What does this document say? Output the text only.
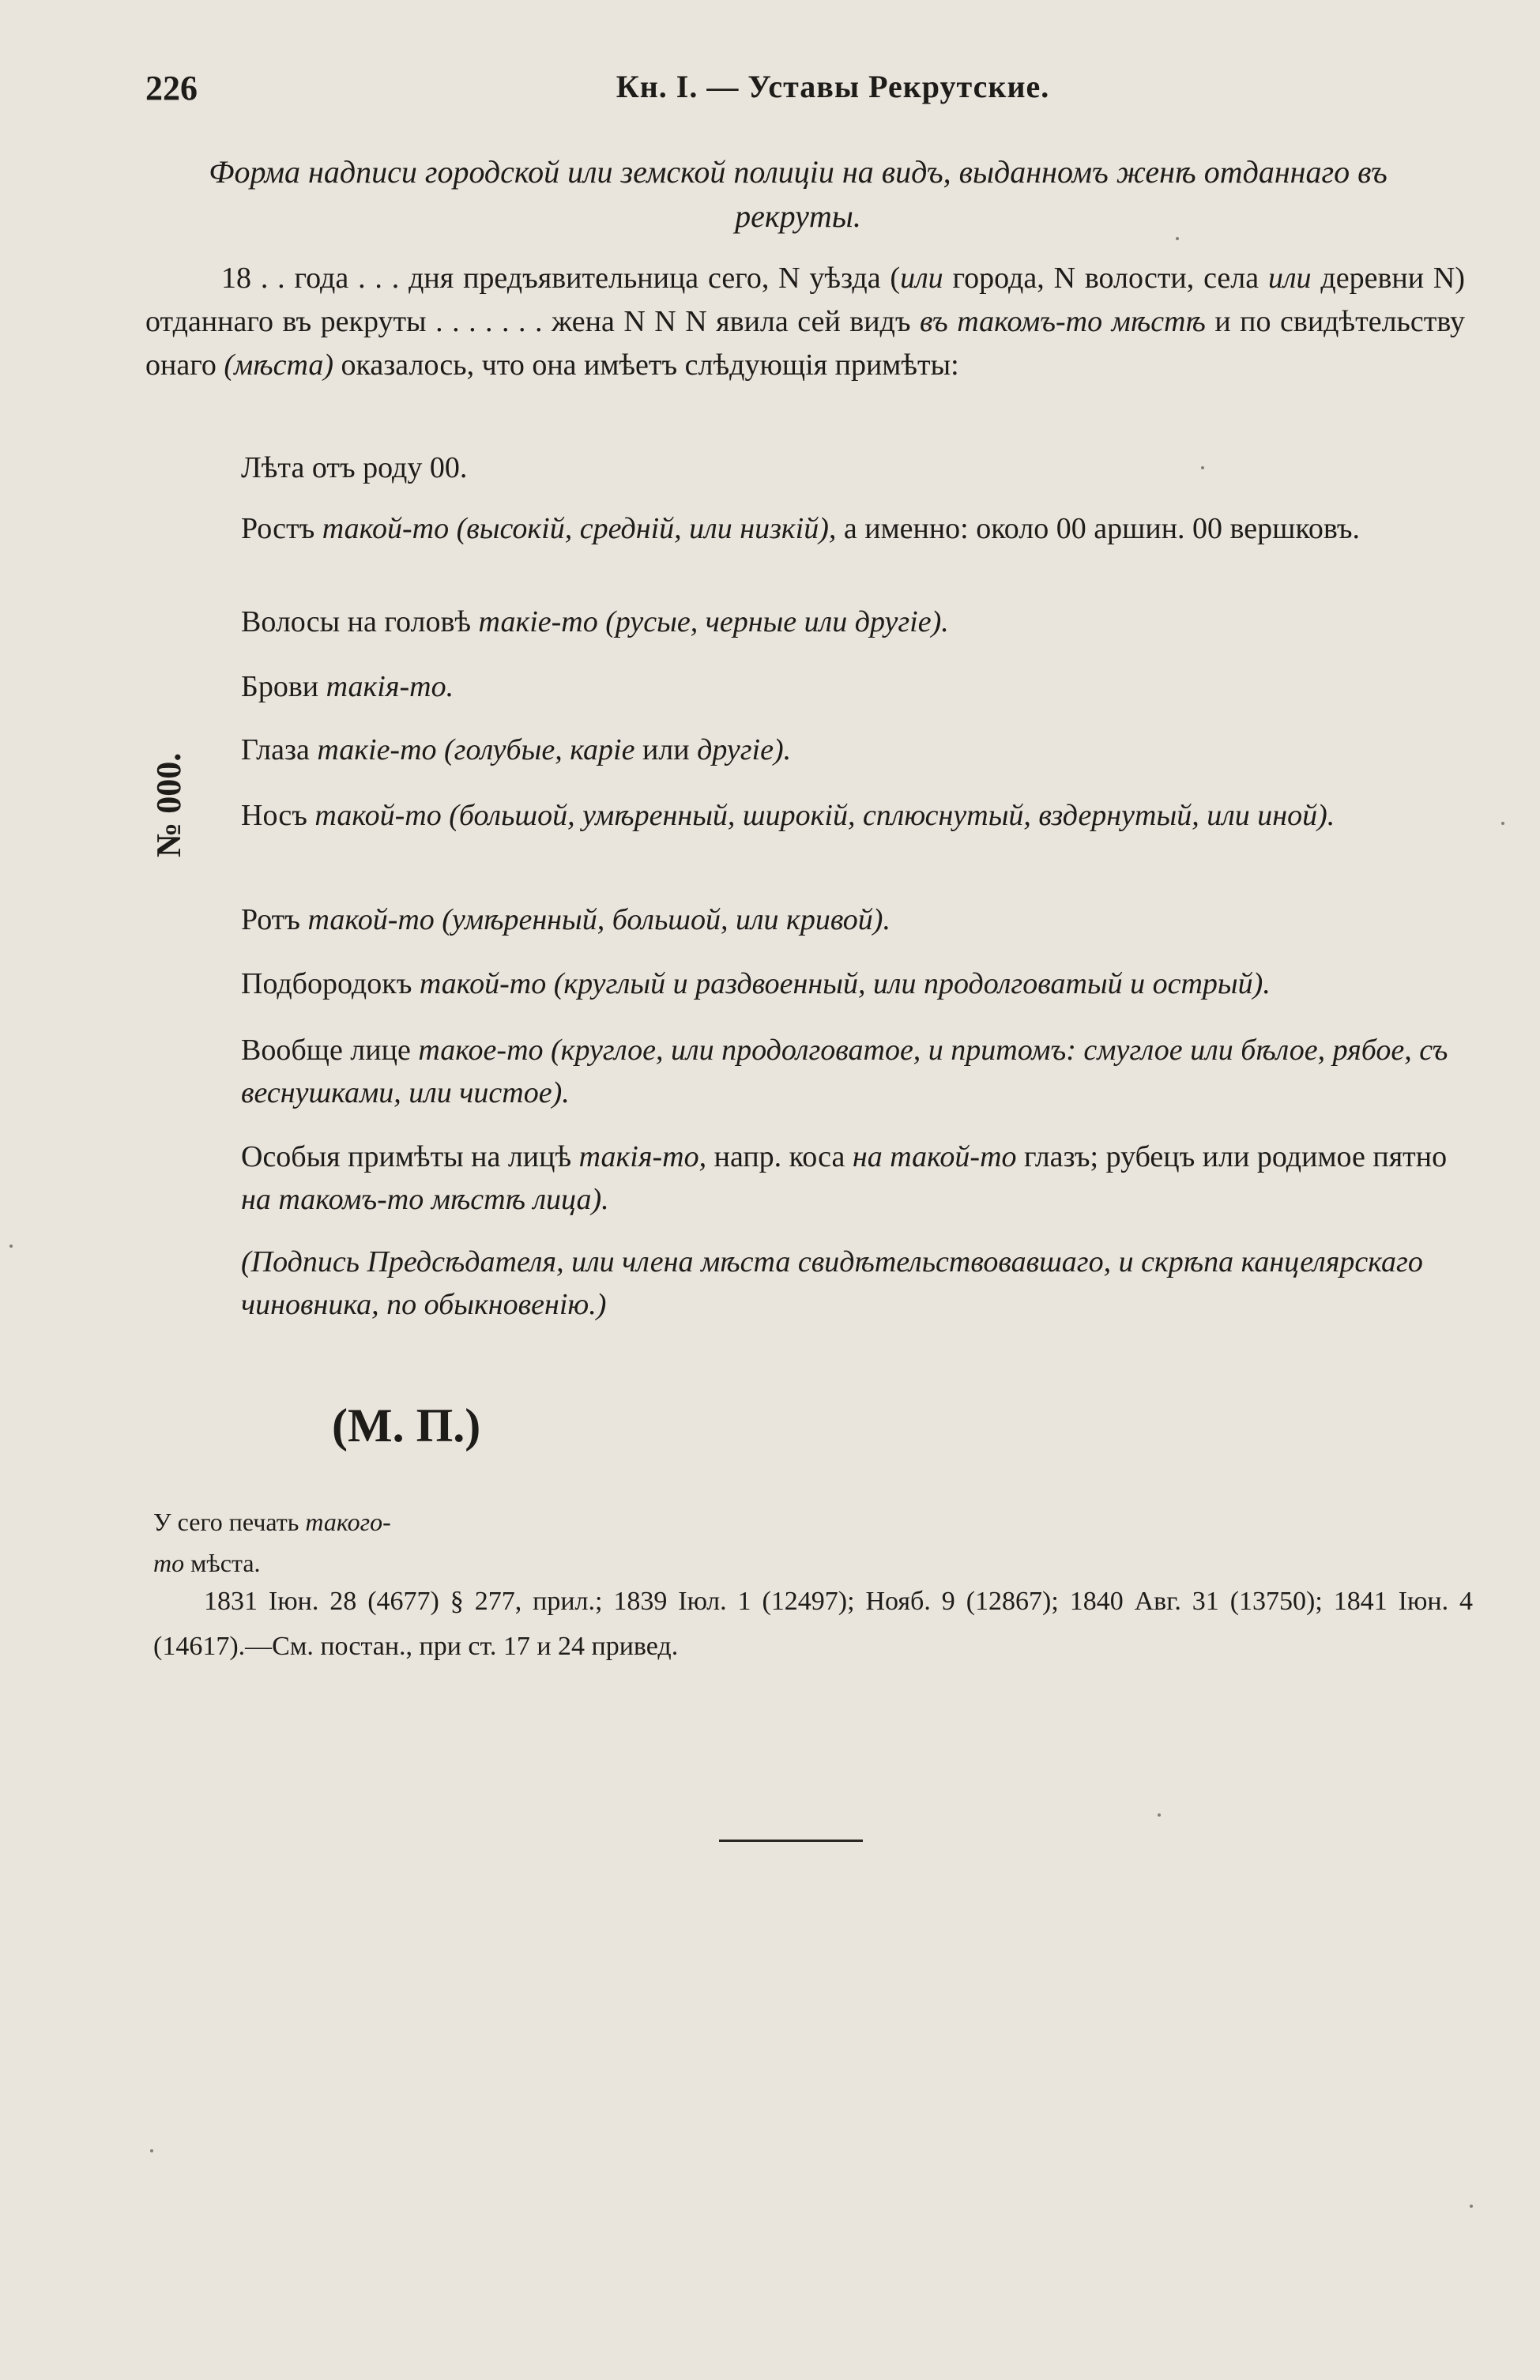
226	Кн. I. — Уставы Рекрутские.
Форма надписи городской или земской полиціи на видъ, выданномъ женѣ отданнаго въ рекруты.

18 . . года . . . дня предъявительница сего, N уѣзда (или города, N волости, села или деревни N) отданнаго въ рекруты . . . . . . . жена N N N явила сей видъ въ такомъ-то мѣстѣ и по свидѣтельству онаго (мѣста) оказалось, что она имѣетъ слѣдующія примѣты:

№ 000.

Лѣта отъ роду 00.

Ростъ такой-то (высокій, средній, или низкій), а именно: около 00 аршин. 00 вершковъ.

Волосы на головѣ такіе-то (русые, черные или другіе).

Брови такія-то.

Глаза такіе-то (голубые, каріе или другіе).

Носъ такой-то (большой, умѣренный, широкій, сплюснутый, вздернутый, или иной).

Ротъ такой-то (умѣренный, большой, или кривой).

Подбородокъ такой-то (круглый и раздвоенный, или продолговатый и острый).

Вообще лице такое-то (круглое, или продолговатое, и притомъ: смуглое или бѣлое, рябое, съ веснушками, или чистое).

Особыя примѣты на лицѣ такія-то, напр. коса на такой-то глазъ; рубецъ или родимое пятно на такомъ-то мѣстѣ лица).

(Подпись Предсѣдателя, или члена мѣста свидѣтельствовавшаго, и скрѣпа канцелярскаго чиновника, по обыкновенію.)

(М. П.)
У сего печать такого-то мѣста.

1831 Іюн. 28 (4677) § 277, прил.; 1839 Іюл. 1 (12497); Нояб. 9 (12867); 1840 Авг. 31 (13750); 1841 Іюн. 4 (14617).—См. постан., при ст. 17 и 24 привед.
